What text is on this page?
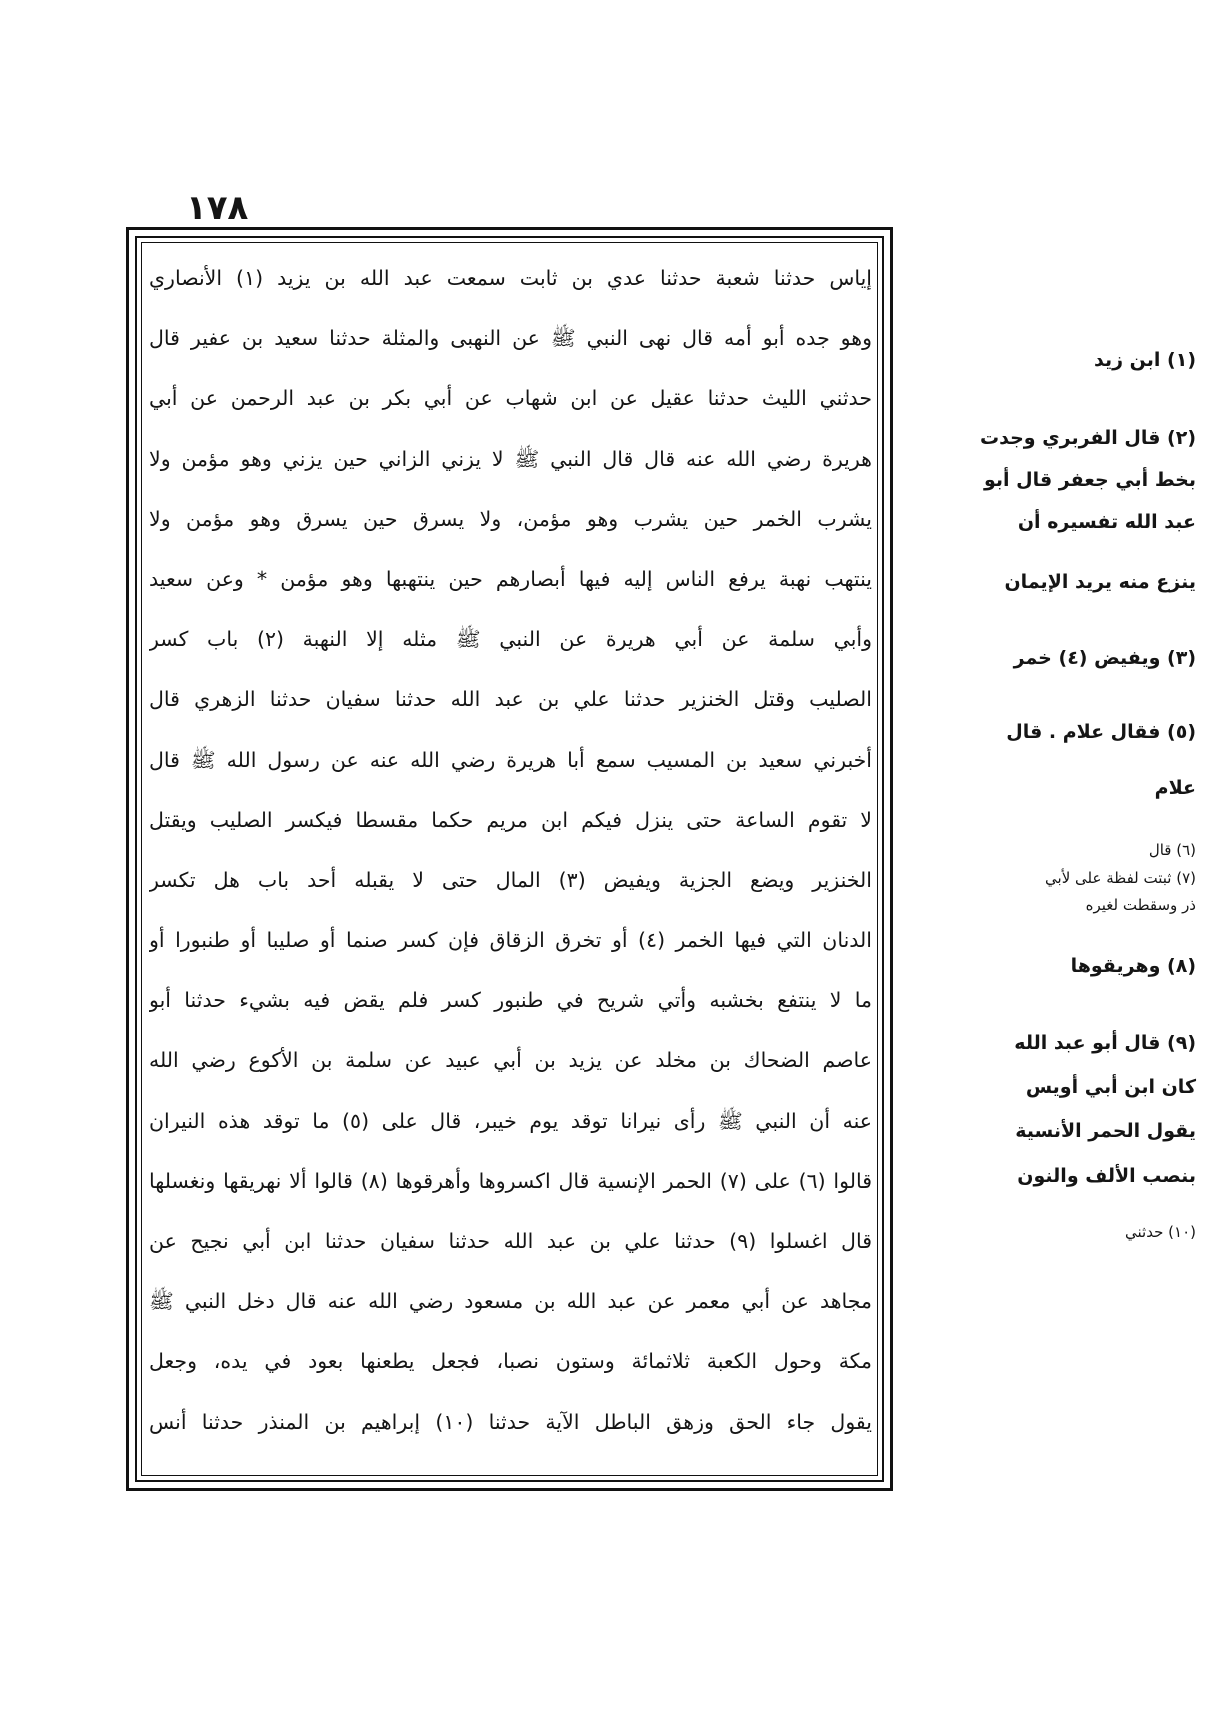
١٧٨
إياس حدثنا شعبة حدثنا عدي بن ثابت سمعت عبد الله بن يزيد (١) الأنصاري
وهو جده أبو أمه قال نهى النبي ﷺ عن النهبى والمثلة حدثنا سعيد بن عفير قال
حدثني الليث حدثنا عقيل عن ابن شهاب عن أبي بكر بن عبد الرحمن عن أبي
هريرة رضي الله عنه قال قال النبي ﷺ لا يزني الزاني حين يزني وهو مؤمن ولا
يشرب الخمر حين يشرب وهو مؤمن، ولا يسرق حين يسرق وهو مؤمن ولا
ينتهب نهبة يرفع الناس إليه فيها أبصارهم حين ينتهبها وهو مؤمن * وعن سعيد
وأبي سلمة عن أبي هريرة عن النبي ﷺ مثله إلا النهبة (٢) باب كسر
الصليب وقتل الخنزير حدثنا علي بن عبد الله حدثنا سفيان حدثنا الزهري قال
أخبرني سعيد بن المسيب سمع أبا هريرة رضي الله عنه عن رسول الله ﷺ قال
لا تقوم الساعة حتى ينزل فيكم ابن مريم حكما مقسطا فيكسر الصليب ويقتل
الخنزير ويضع الجزية ويفيض (٣) المال حتى لا يقبله أحد باب هل تكسر
الدنان التي فيها الخمر (٤) أو تخرق الزقاق فإن كسر صنما أو صليبا أو طنبورا أو
ما لا ينتفع بخشبه وأتي شريح في طنبور كسر فلم يقض فيه بشيء حدثنا أبو
عاصم الضحاك بن مخلد عن يزيد بن أبي عبيد عن سلمة بن الأكوع رضي الله
عنه أن النبي ﷺ رأى نيرانا توقد يوم خيبر، قال على (٥) ما توقد هذه النيران
قالوا (٦) على (٧) الحمر الإنسية قال اكسروها وأهرقوها (٨) قالوا ألا نهريقها ونغسلها
قال اغسلوا (٩) حدثنا علي بن عبد الله حدثنا سفيان حدثنا ابن أبي نجيح عن
مجاهد عن أبي معمر عن عبد الله بن مسعود رضي الله عنه قال دخل النبي ﷺ
مكة وحول الكعبة ثلاثمائة وستون نصبا، فجعل يطعنها بعود في يده، وجعل
يقول جاء الحق وزهق الباطل الآية حدثنا (١٠) إبراهيم بن المنذر حدثنا أنس
(١) ابن زيد
(٢) قال الفربري وجدت
بخط أبي جعفر قال أبو
عبد الله تفسيره أن
ينزع منه يريد الإيمان
(٣) ويفيض (٤) خمر
(٥) فقال علام . قال
علام
(٦) قال
(٧) ثبتت لفظة على لأبي
ذر وسقطت لغيره
(٨) وهريقوها
(٩) قال أبو عبد الله
كان ابن أبي أويس
يقول الحمر الأنسية
بنصب الألف والنون
(١٠) حدثني
